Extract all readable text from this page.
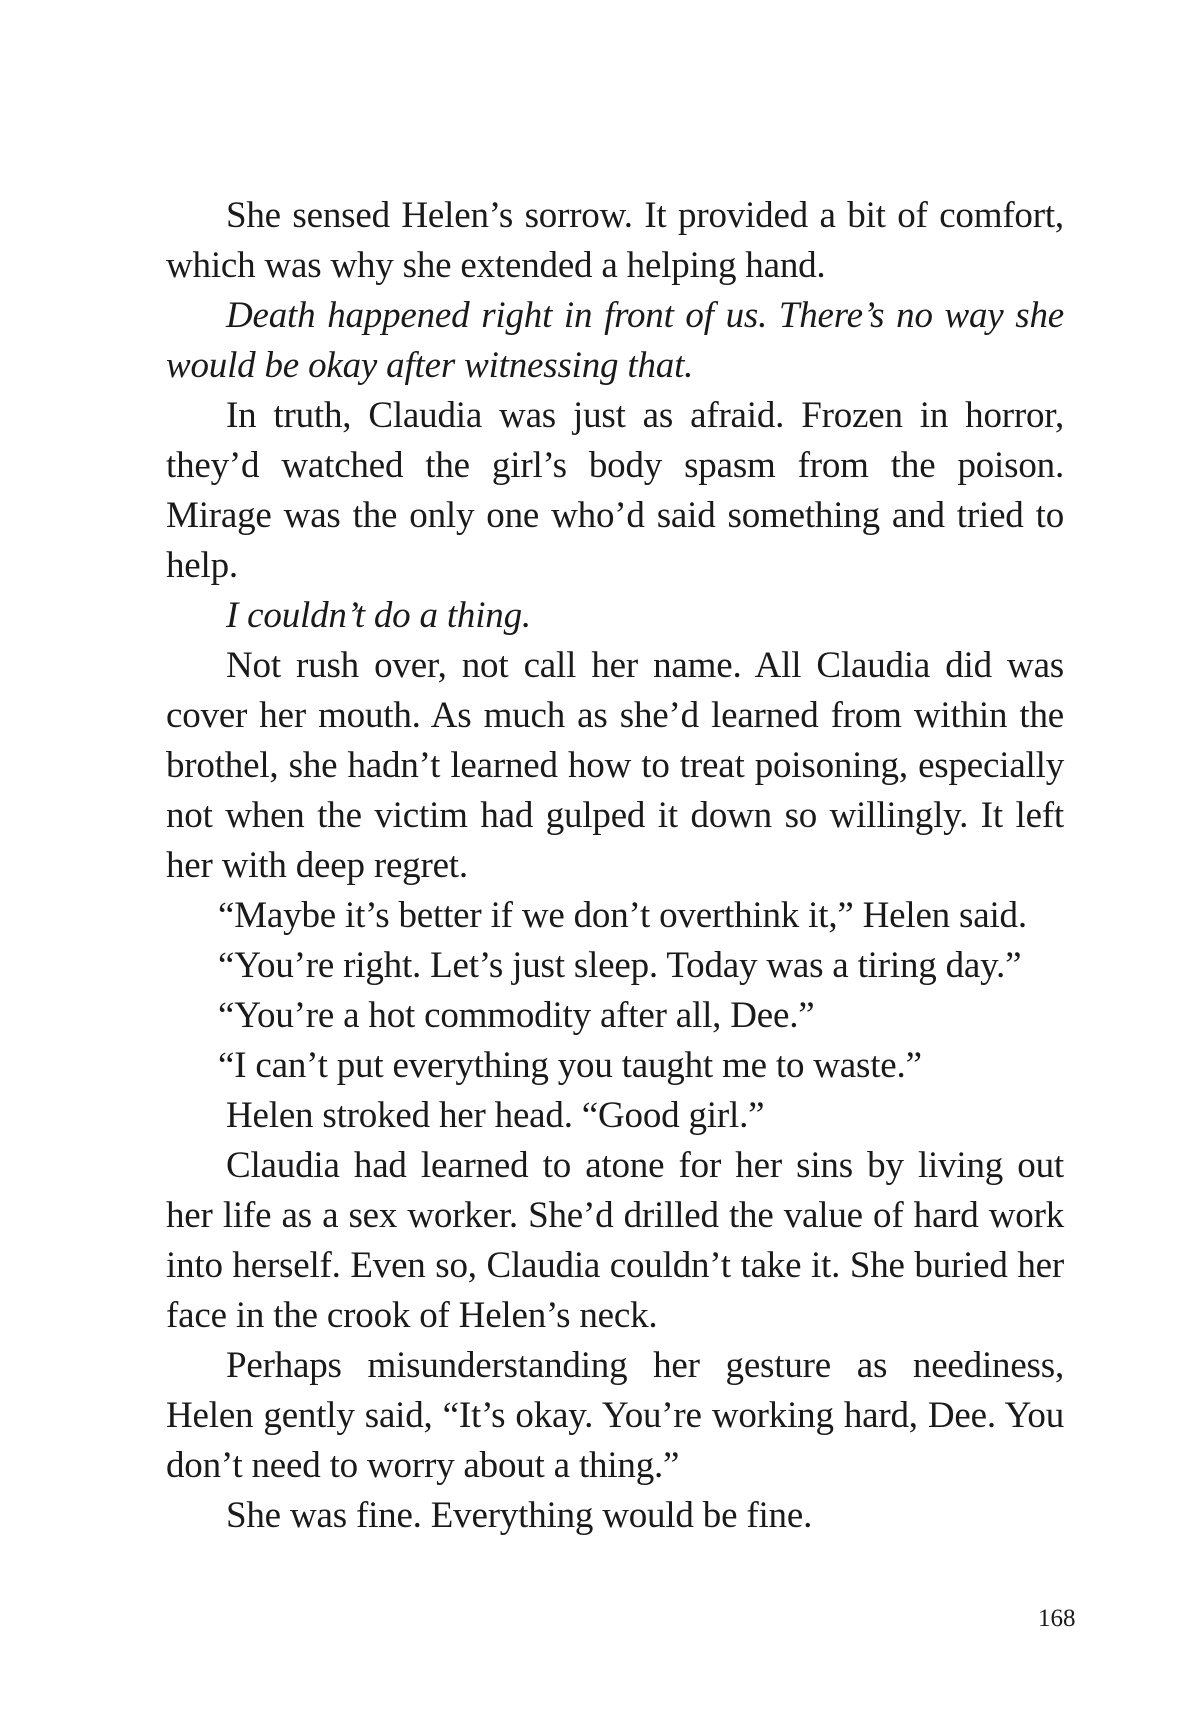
She sensed Helen’s sorrow. It provided a bit of comfort, which was why she extended a helping hand.

Death happened right in front of us. There’s no way she would be okay after witnessing that.

In truth, Claudia was just as afraid. Frozen in horror, they’d watched the girl’s body spasm from the poison. Mirage was the only one who’d said something and tried to help.

I couldn’t do a thing.

Not rush over, not call her name. All Claudia did was cover her mouth. As much as she’d learned from within the brothel, she hadn’t learned how to treat poisoning, especially not when the victim had gulped it down so willingly. It left her with deep regret.

“Maybe it’s better if we don’t overthink it,” Helen said.

“You’re right. Let’s just sleep. Today was a tiring day.”

“You’re a hot commodity after all, Dee.”

“I can’t put everything you taught me to waste.”

Helen stroked her head. “Good girl.”

Claudia had learned to atone for her sins by living out her life as a sex worker. She’d drilled the value of hard work into herself. Even so, Claudia couldn’t take it. She buried her face in the crook of Helen’s neck.

Perhaps misunderstanding her gesture as neediness, Helen gently said, “It’s okay. You’re working hard, Dee. You don’t need to worry about a thing.”

She was fine. Everything would be fine.

168
